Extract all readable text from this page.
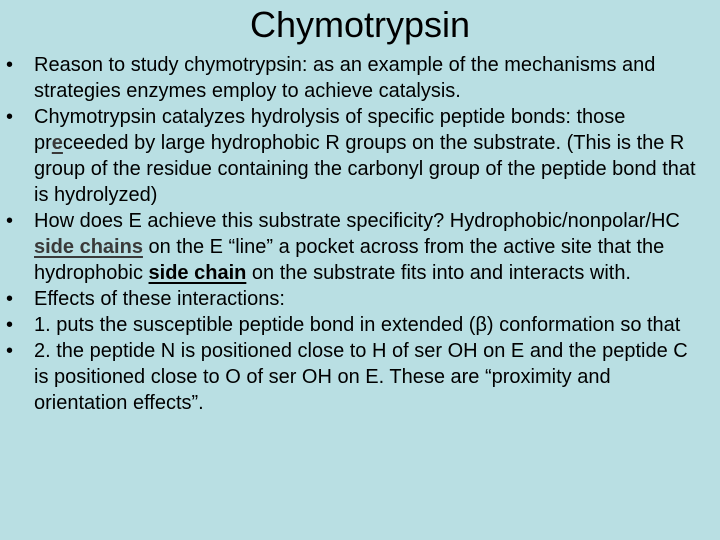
Chymotrypsin
• Reason to study chymotrypsin: as an example of the mechanisms and strategies enzymes employ to achieve catalysis.
• Chymotrypsin catalyzes hydrolysis of specific peptide bonds: those preceeded by large hydrophobic R groups on the substrate. (This is the R group of the residue containing the carbonyl group of the peptide bond that is hydrolyzed)
• How does E achieve this substrate specificity? Hydrophobic/nonpolar/HC side chains on the E “line” a pocket across from the active site that the hydrophobic side chain on the substrate fits into and interacts with.
• Effects of these interactions:
• 1. puts the susceptible peptide bond in extended (β) conformation so that
• 2. the peptide N is positioned close to H of ser OH on E and the peptide C is positioned close to O of ser OH on E. These are “proximity and orientation effects”.
